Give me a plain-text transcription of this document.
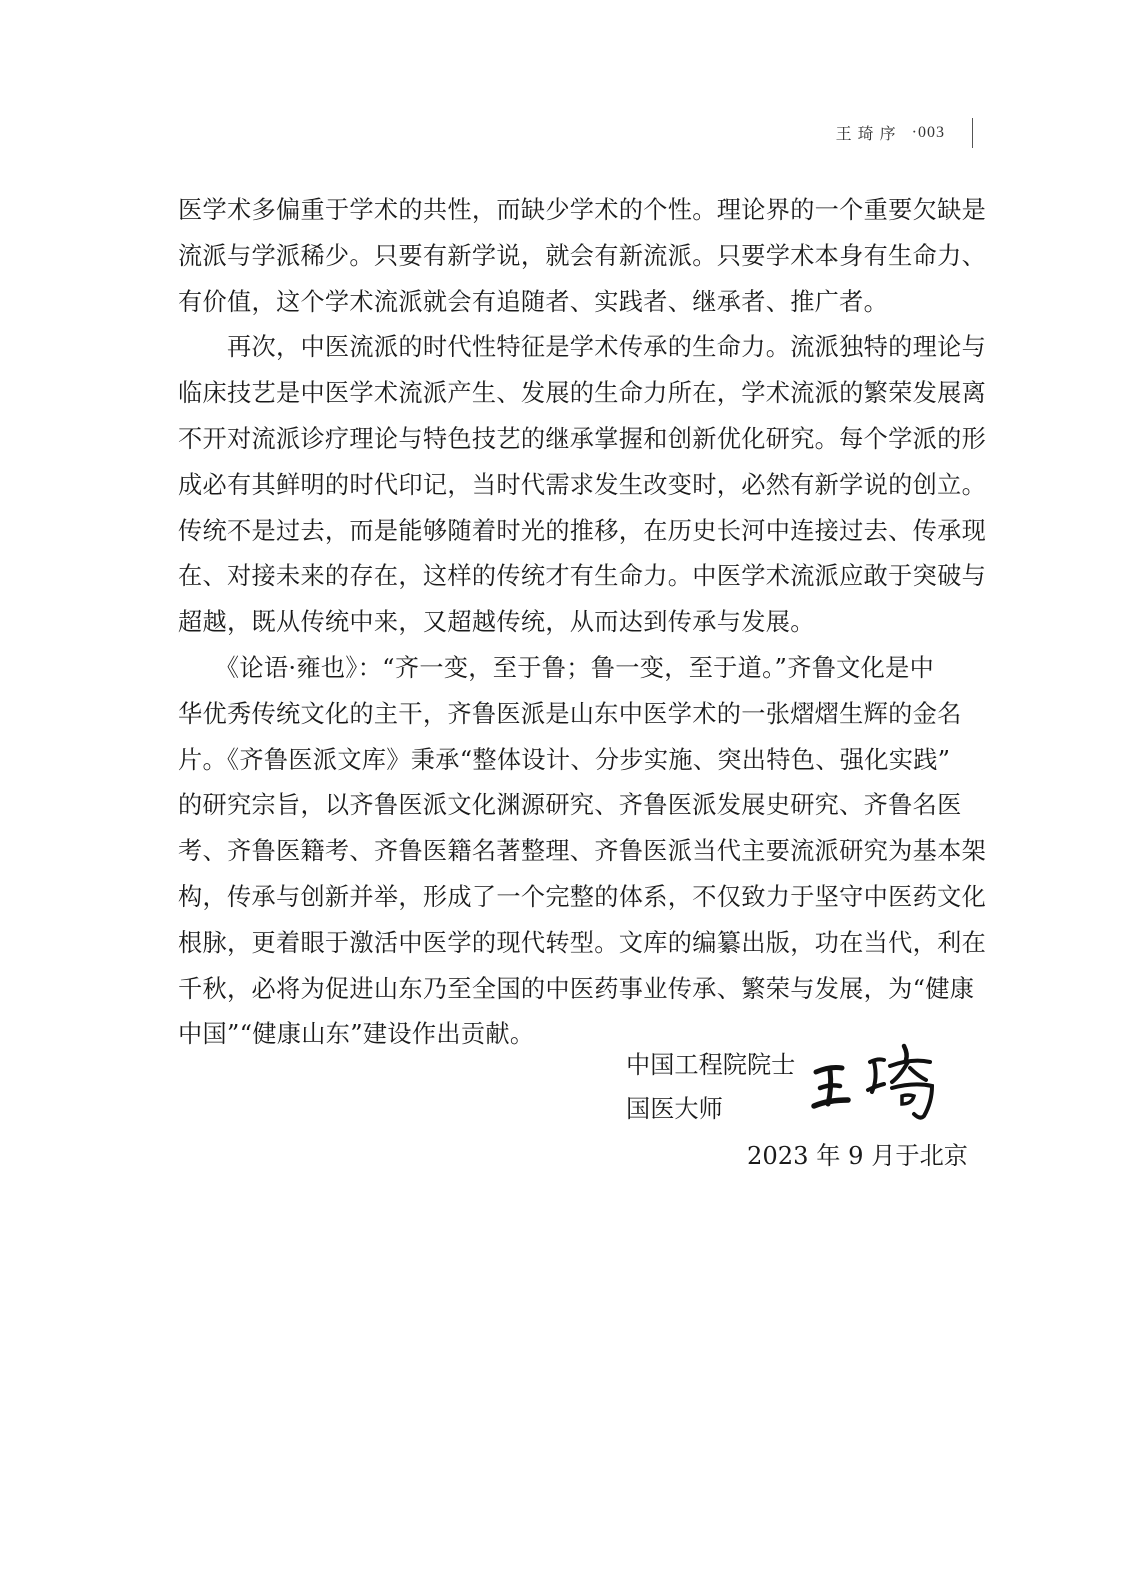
王琦序 ·003
医学术多偏重于学术的共性，而缺少学术的个性。理论界的一个重要欠缺是
流派与学派稀少。只要有新学说，就会有新流派。只要学术本身有生命力、
有价值，这个学术流派就会有追随者、实践者、继承者、推广者。
　　再次，中医流派的时代性特征是学术传承的生命力。流派独特的理论与
临床技艺是中医学术流派产生、发展的生命力所在，学术流派的繁荣发展离
不开对流派诊疗理论与特色技艺的继承掌握和创新优化研究。每个学派的形
成必有其鲜明的时代印记，当时代需求发生改变时，必然有新学说的创立。
传统不是过去，而是能够随着时光的推移，在历史长河中连接过去、传承现
在、对接未来的存在，这样的传统才有生命力。中医学术流派应敢于突破与
超越，既从传统中来，又超越传统，从而达到传承与发展。
　　《论语·雍也》：“齐一变，至于鲁；鲁一变，至于道。”齐鲁文化是中
华优秀传统文化的主干，齐鲁医派是山东中医学术的一张熠熠生辉的金名
片。《齐鲁医派文库》秉承“整体设计、分步实施、突出特色、强化实践”
的研究宗旨，以齐鲁医派文化渊源研究、齐鲁医派发展史研究、齐鲁名医
考、齐鲁医籍考、齐鲁医籍名著整理、齐鲁医派当代主要流派研究为基本架
构，传承与创新并举，形成了一个完整的体系，不仅致力于坚守中医药文化
根脉，更着眼于激活中医学的现代转型。文库的编纂出版，功在当代，利在
千秋，必将为促进山东乃至全国的中医药事业传承、繁荣与发展，为“健康
中国”“健康山东”建设作出贡献。
中国工程院院士
国医大师
2023 年 9 月于北京
